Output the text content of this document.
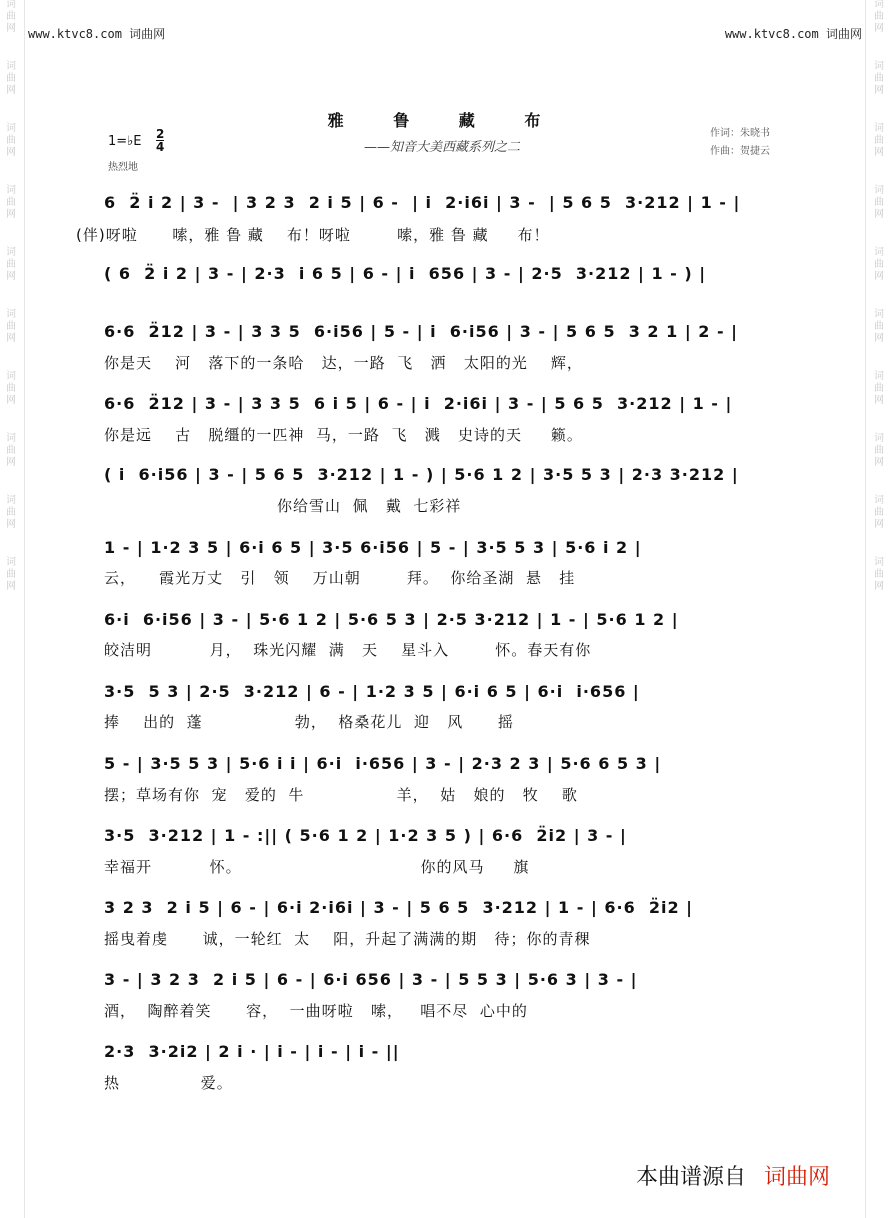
词
曲
网
词
曲
网
词
曲
网
词
曲
网
词
曲
网
词
曲
网
词
曲
网
词
曲
网
词
曲
网
词
曲
网
词
曲
网
词
曲
网
词
曲
网
词
曲
网
词
曲
网
词
曲
网
词
曲
网
词
曲
网
词
曲
网
词
曲
网
www.ktvc8.com 词曲网	www.ktvc8.com 词曲网
雅 鲁 藏 布
——知音大美西藏系列之二
作词：朱晓书
作曲：贺捷云
1=♭E 2
4
热烈地
6  2̈ i 2 | 3 -  | 3 2 3  2 i 5 | 6 -  | i  2·i6i | 3 -  | 5 6 5  3·212 | 1 - |
(伴)呀啦      嗦，雅 鲁 藏    布！呀啦        嗦，雅 鲁 藏     布！
( 6  2̈ i 2 | 3 - | 2·3  i 6 5 | 6 - | i  656 | 3 - | 2·5  3·212 | 1 - ) |
6·6  2̈12 | 3 - | 3 3 5  6·i56 | 5 - | i  6·i56 | 3 - | 5 6 5  3 2 1 | 2 - |
你是天    河   落下的一条哈   达，一路  飞   洒   太阳的光    辉，
6·6  2̈12 | 3 - | 3 3 5  6 i 5 | 6 - | i  2·i6i | 3 - | 5 6 5  3·212 | 1 - |
你是远    古   脱缰的一匹神  马，一路  飞   溅   史诗的天     籁。
( i  6·i56 | 3 - | 5 6 5  3·212 | 1 - ) | 5·6 1 2 | 3·5 5 3 | 2·3 3·212 |
你给雪山  佩   戴  七彩祥
1 - | 1·2 3 5 | 6·i 6 5 | 3·5 6·i56 | 5 - | 3·5 5 3 | 5·6 i 2 |
云，    霞光万丈   引   领    万山朝        拜。  你给圣湖  悬   挂
6·i  6·i56 | 3 - | 5·6 1 2 | 5·6 5 3 | 2·5 3·212 | 1 - | 5·6 1 2 |
皎洁明          月，  珠光闪耀  满   天    星斗入        怀。春天有你
3·5  5 3 | 2·5  3·212 | 6 - | 1·2 3 5 | 6·i 6 5 | 6·i  i·656 |
捧    出的  蓬                勃，  格桑花儿  迎   风      摇
5 - | 3·5 5 3 | 5·6 i i | 6·i  i·656 | 3 - | 2·3 2 3 | 5·6 6 5 3 |
摆；草场有你  宠   爱的  牛                羊，  姑   娘的   牧    歌
3·5  3·212 | 1 - :|| ( 5·6 1 2 | 1·2 3 5 ) | 6·6  2̈i2 | 3 - |
幸福开          怀。                               你的风马     旗
3 2 3  2 i 5 | 6 - | 6·i 2·i6i | 3 - | 5 6 5  3·212 | 1 - | 6·6  2̈i2 |
摇曳着虔      诚，一轮红  太    阳，升起了满满的期   待；你的青稞
3 - | 3 2 3  2 i 5 | 6 - | 6·i 656 | 3 - | 5 5 3 | 5·6 3 | 3 - |
酒，  陶醉着笑      容，  一曲呀啦   嗦，   唱不尽  心中的
2·3  3·2i2 | 2 i · | i - | i - | i - ||
热              爱。
本曲谱源自 词曲网
